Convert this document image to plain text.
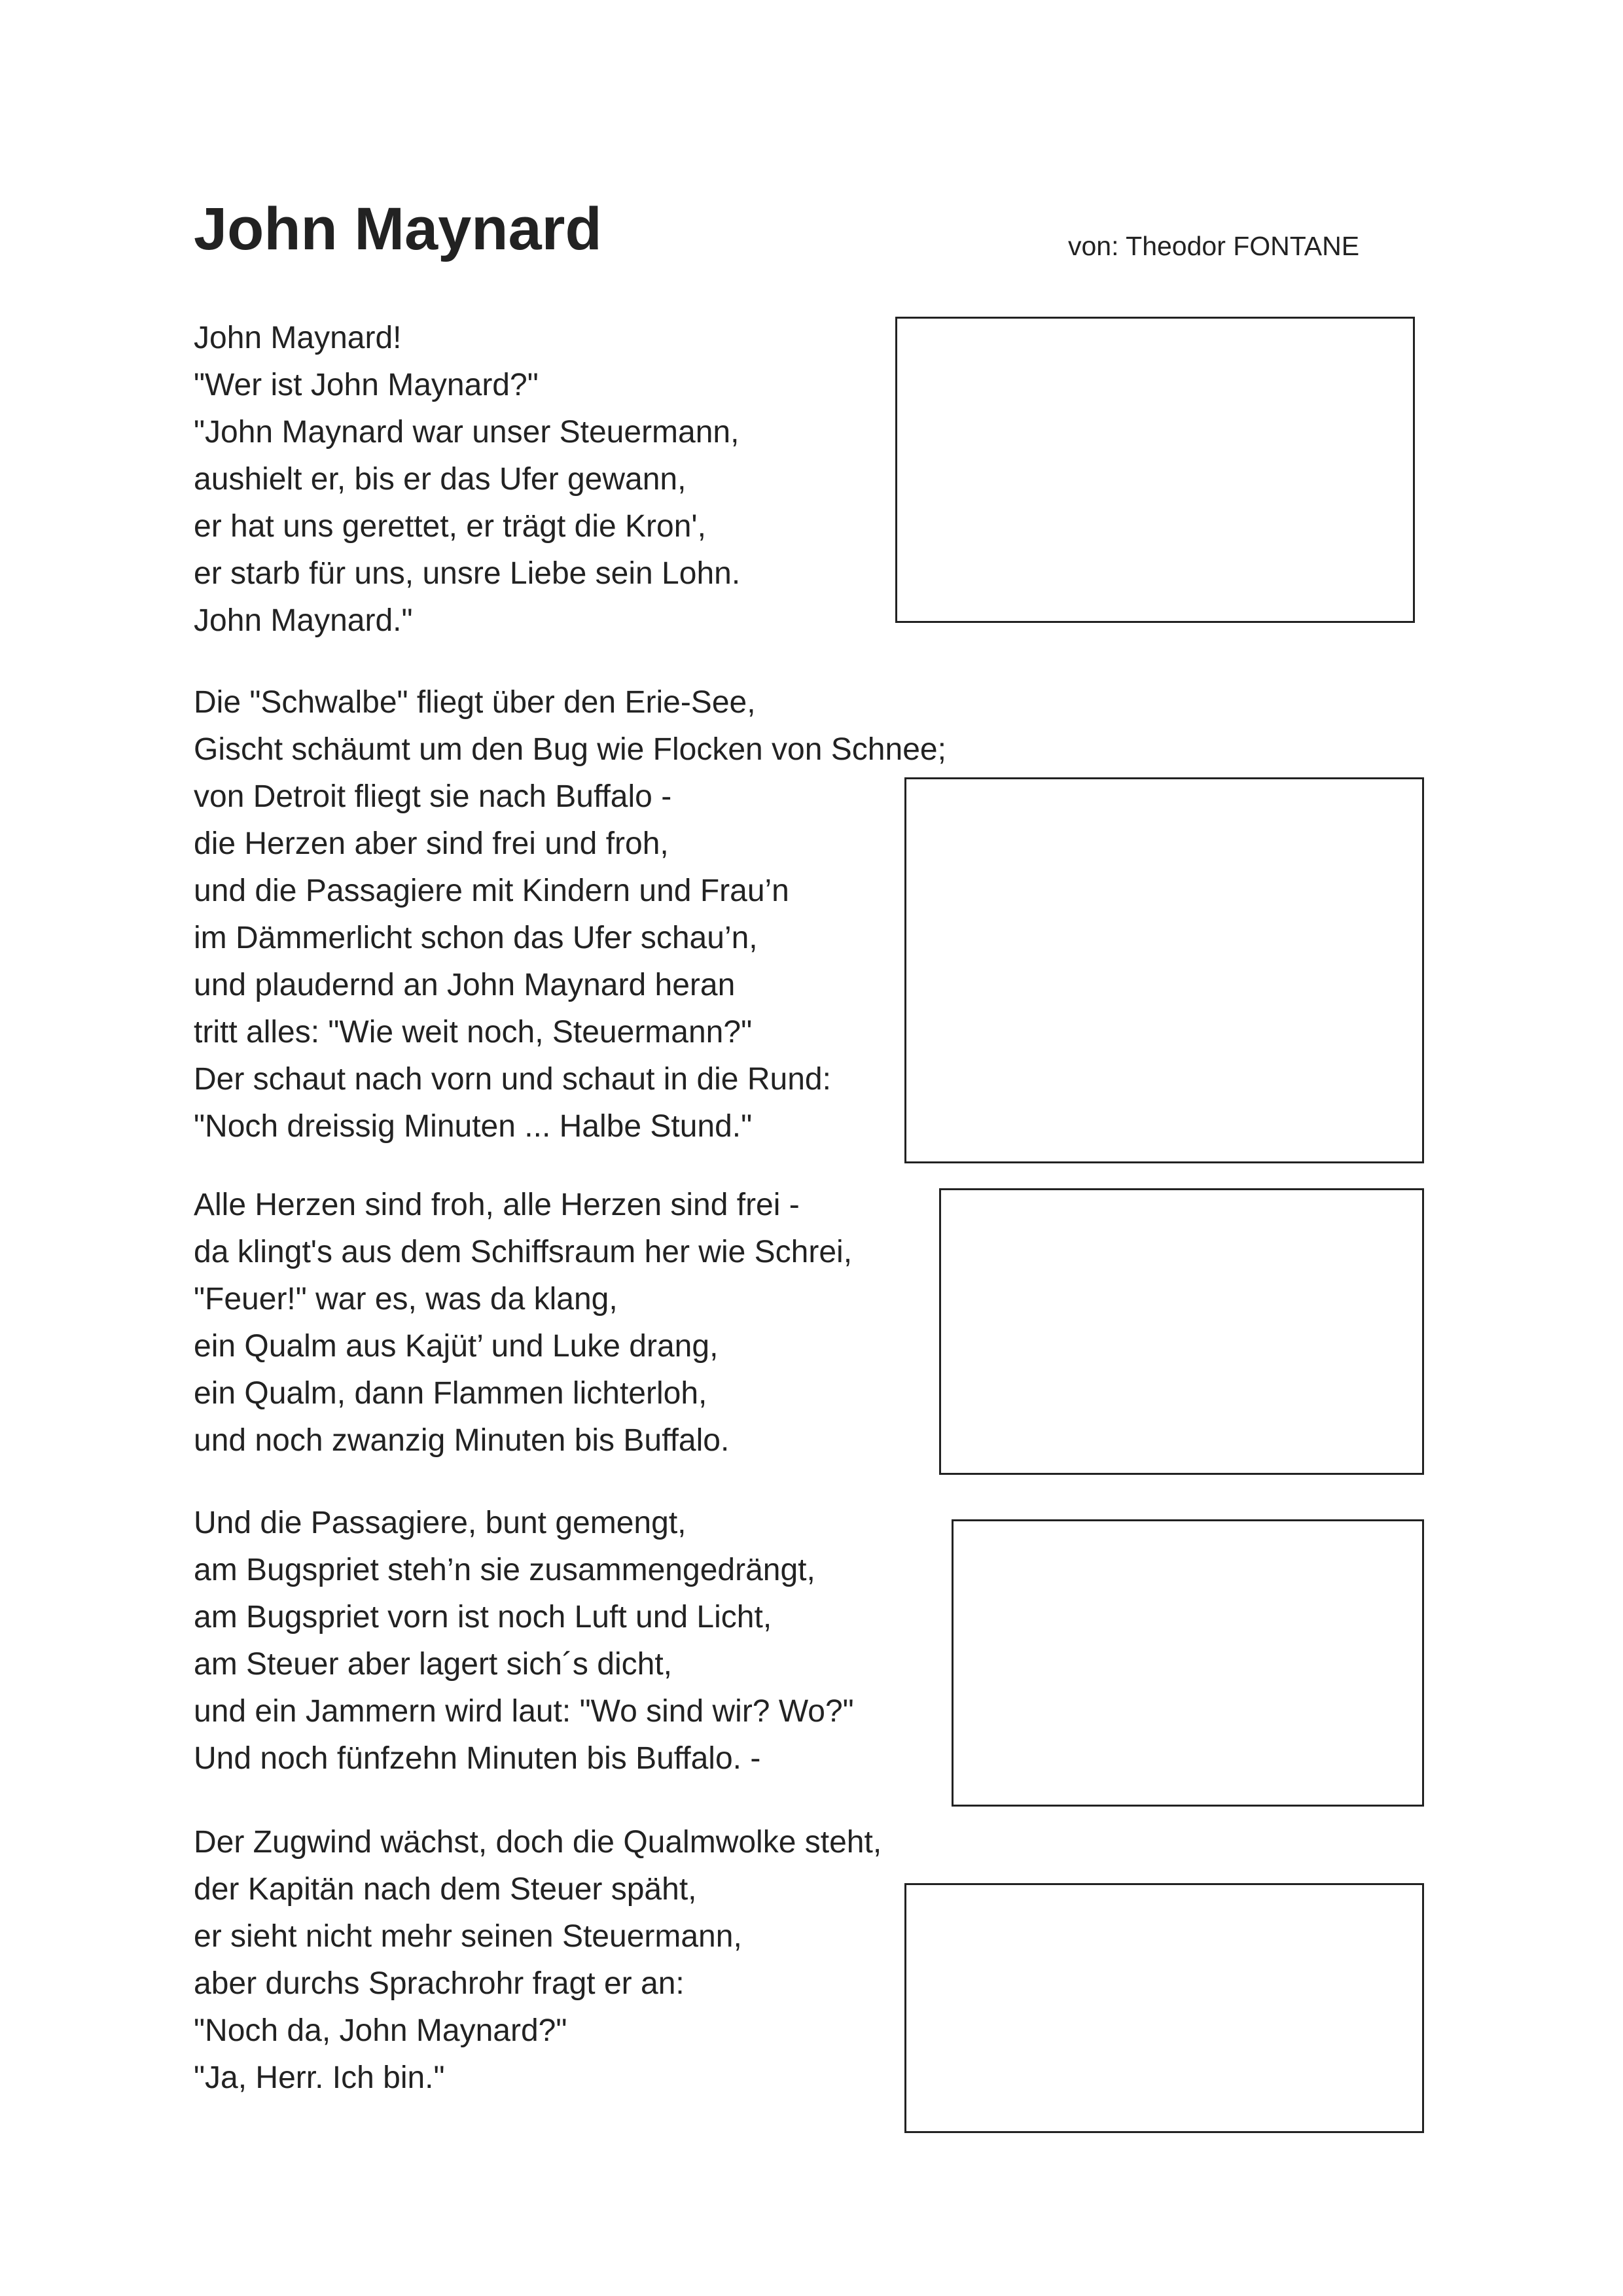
John Maynard	von: Theodor FONTANE
John Maynard!
"Wer ist John Maynard?"
"John Maynard war unser Steuermann,
aushielt er, bis er das Ufer gewann,
er hat uns gerettet, er trägt die Kron',
er starb für uns, unsre Liebe sein Lohn.
John Maynard."
Die "Schwalbe" fliegt über den Erie-See,
Gischt schäumt um den Bug wie Flocken von Schnee;
von Detroit fliegt sie nach Buffalo -
die Herzen aber sind frei und froh,
und die Passagiere mit Kindern und Frau’n
im Dämmerlicht schon das Ufer schau’n,
und plaudernd an John Maynard heran
tritt alles: "Wie weit noch, Steuermann?"
Der schaut nach vorn und schaut in die Rund:
"Noch dreissig Minuten ... Halbe Stund."
Alle Herzen sind froh, alle Herzen sind frei -
da klingt's aus dem Schiffsraum her wie Schrei,
"Feuer!" war es, was da klang,
ein Qualm aus Kajüt’ und Luke drang,
ein Qualm, dann Flammen lichterloh,
und noch zwanzig Minuten bis Buffalo.
Und die Passagiere, bunt gemengt,
am Bugspriet steh’n sie zusammengedrängt,
am Bugspriet vorn ist noch Luft und Licht,
am Steuer aber lagert sich´s dicht,
und ein Jammern wird laut: "Wo sind wir? Wo?"
Und noch fünfzehn Minuten bis Buffalo. -
Der Zugwind wächst, doch die Qualmwolke steht,
der Kapitän nach dem Steuer späht,
er sieht nicht mehr seinen Steuermann,
aber durchs Sprachrohr fragt er an:
"Noch da, John Maynard?"
"Ja, Herr. Ich bin."
